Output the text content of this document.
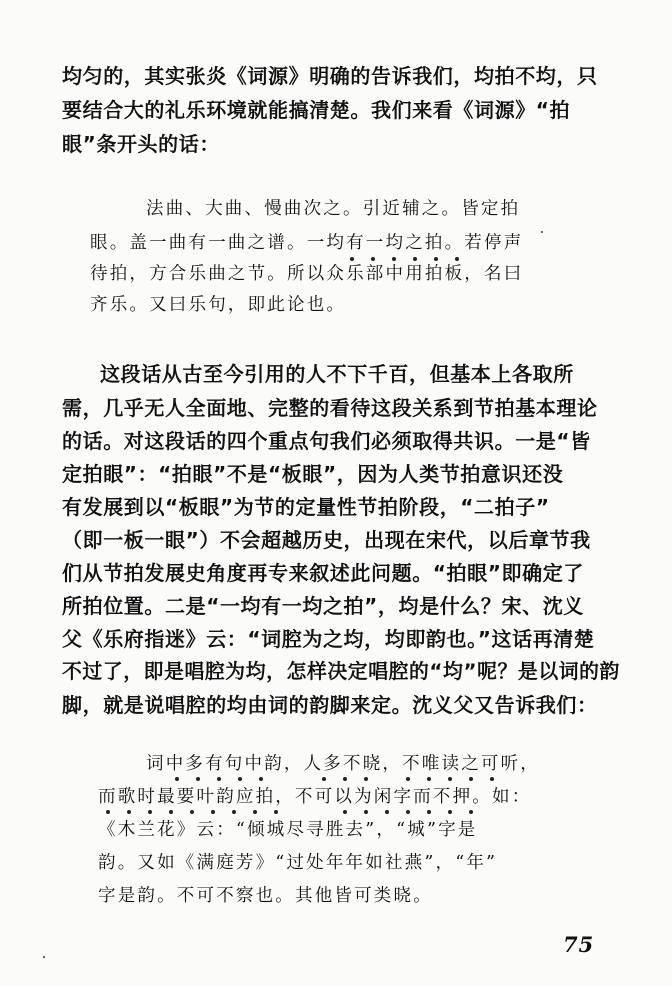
均匀的，其实张炎《词源》明确的告诉我们，均拍不均，只
要结合大的礼乐环境就能搞清楚。我们来看《词源》“拍
眼”条开头的话：
法曲、大曲、慢曲次之。引近辅之。皆定拍
眼。盖一曲有一曲之谱。一均有一均之拍。若停声
待拍，方合乐曲之节。所以众乐部中用拍板，名曰
齐乐。又曰乐句，即此论也。
这段话从古至今引用的人不下千百，但基本上各取所
需，几乎无人全面地、完整的看待这段关系到节拍基本理论
的话。对这段话的四个重点句我们必须取得共识。一是“皆
定拍眼”：“拍眼”不是“板眼”，因为人类节拍意识还没
有发展到以“板眼”为节的定量性节拍阶段，“二拍子”
（即一板一眼”）不会超越历史，出现在宋代，以后章节我
们从节拍发展史角度再专来叙述此问题。“拍眼”即确定了
所拍位置。二是“一均有一均之拍”，均是什么？宋、沈义
父《乐府指迷》云：“词腔为之均，均即韵也。”这话再清楚
不过了，即是唱腔为均，怎样决定唱腔的“均”呢？是以词的韵
脚，就是说唱腔的均由词的韵脚来定。沈义父又告诉我们：
词中多有句中韵，人多不晓，不唯读之可听，
而歌时最要叶韵应拍，不可以为闲字而不押。如：
《木兰花》云：“倾城尽寻胜去”，“城”字是
韵。又如《满庭芳》“过处年年如社燕”，“年”
字是韵。不可不察也。其他皆可类晓。
75
